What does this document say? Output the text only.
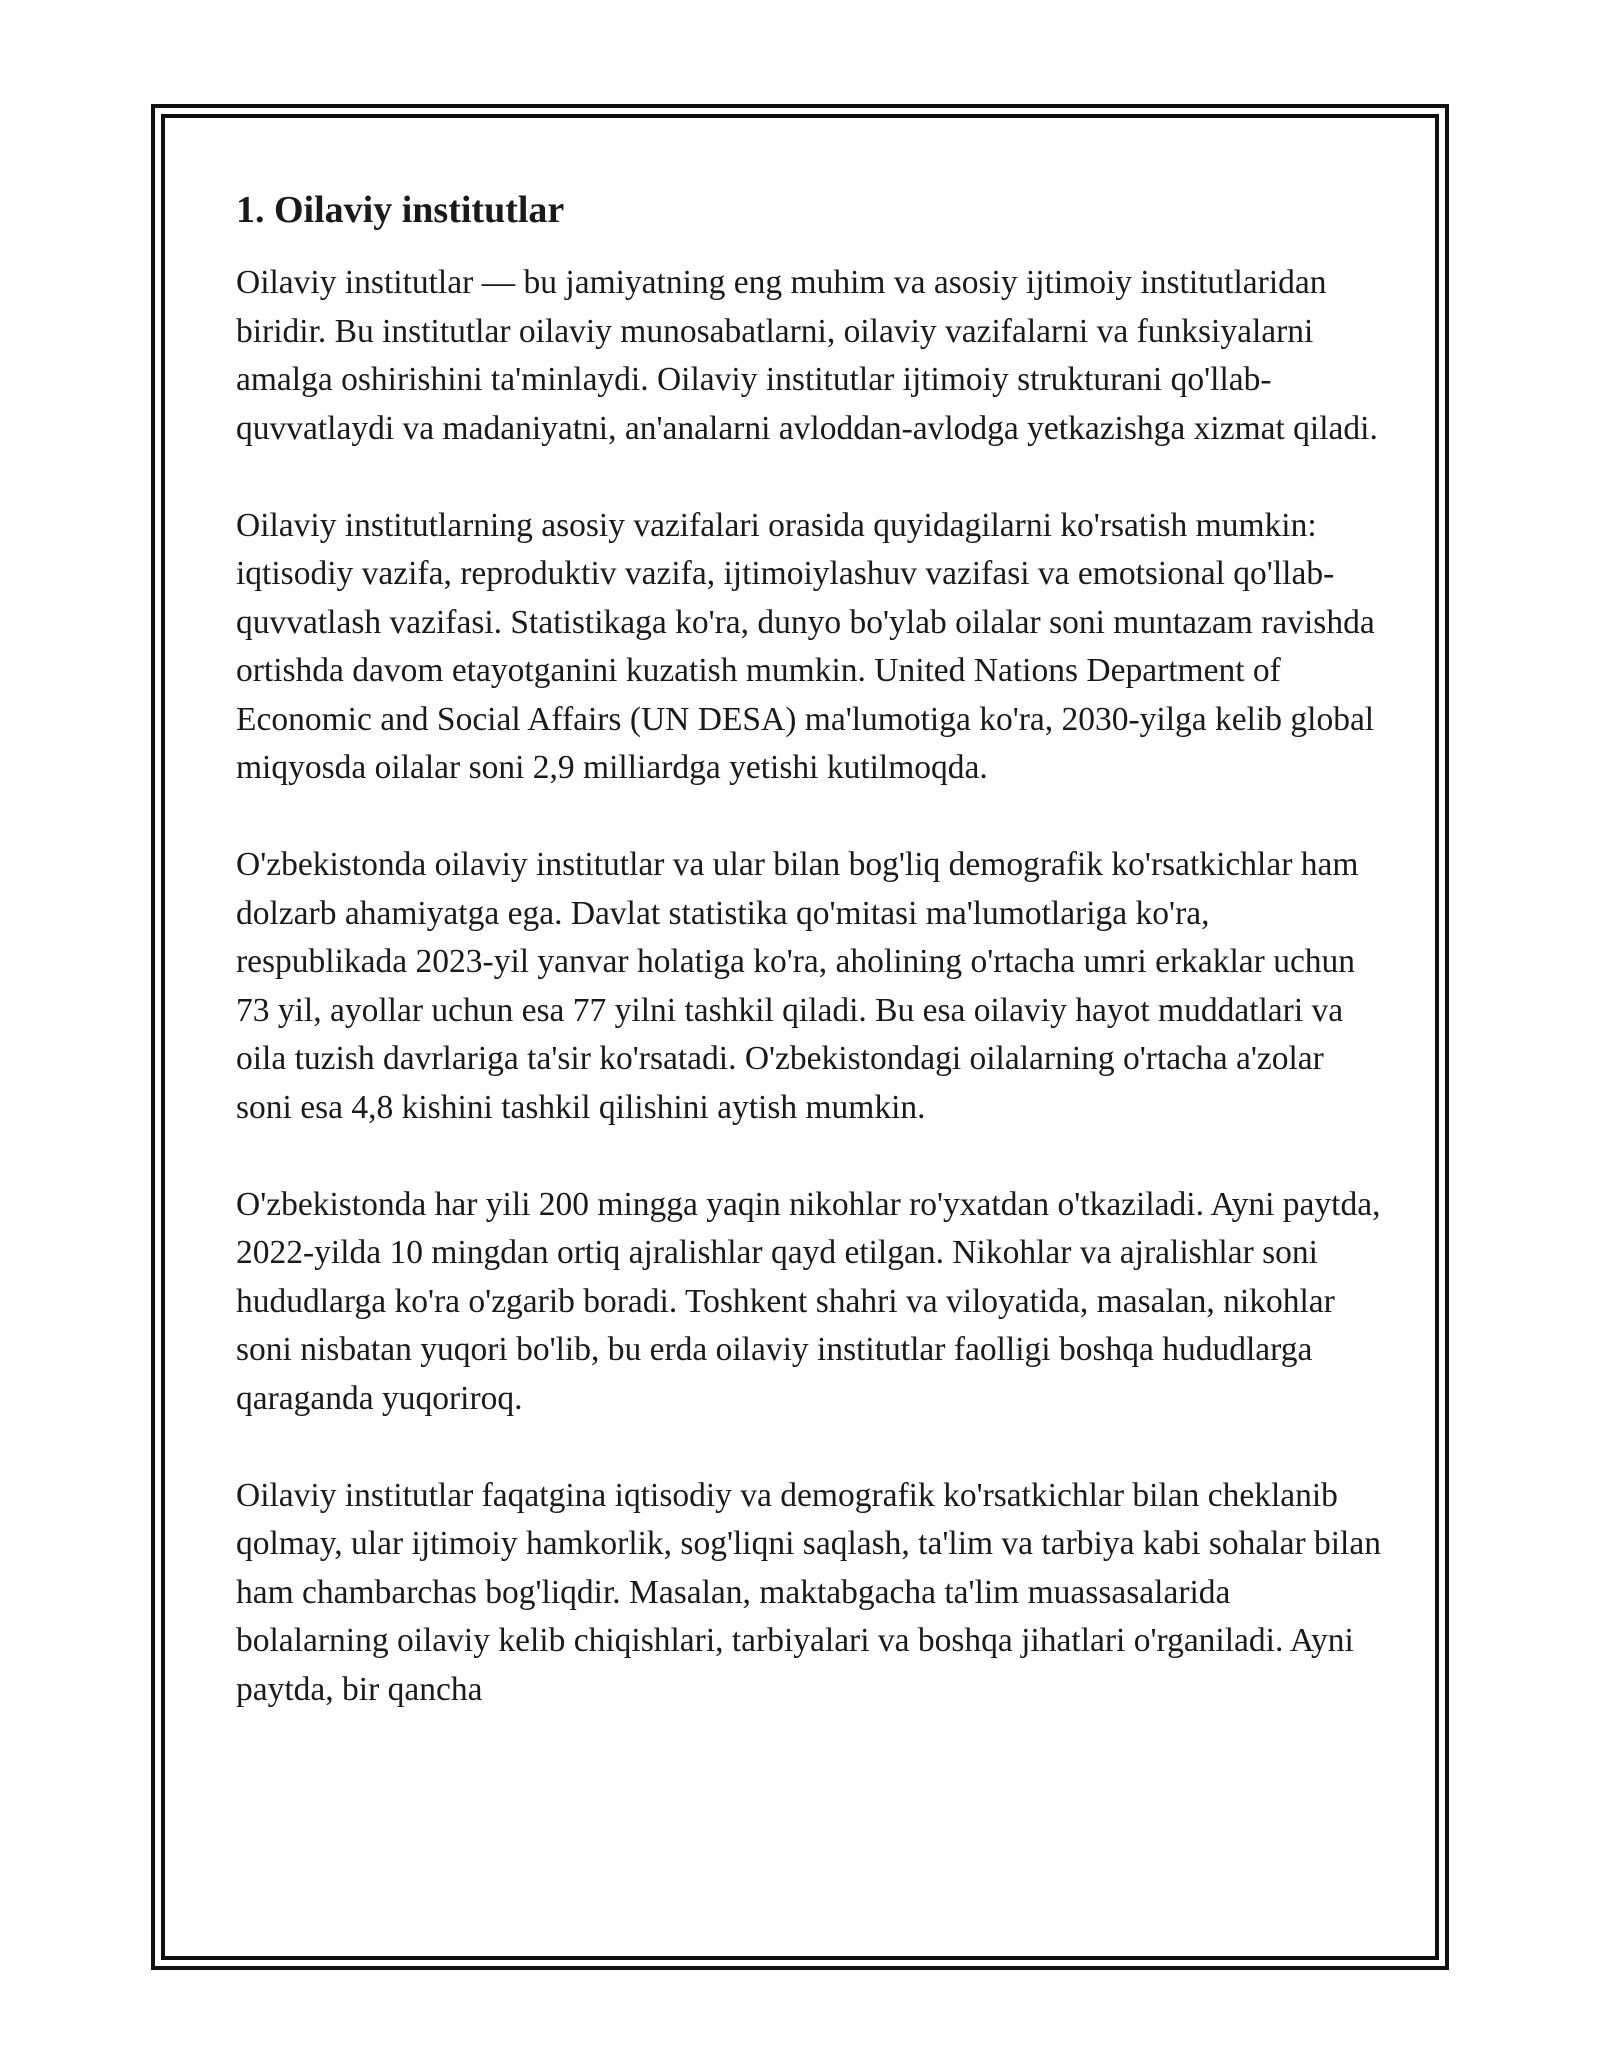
1. Oilaviy institutlar

Oilaviy institutlar — bu jamiyatning eng muhim va asosiy ijtimoiy institutlaridan biridir. Bu institutlar oilaviy munosabatlarni, oilaviy vazifalarni va funksiyalarni amalga oshirishini ta'minlaydi. Oilaviy institutlar ijtimoiy strukturani qo'llab-quvvatlaydi va madaniyatni, an'analarni avloddan-avlodga yetkazishga xizmat qiladi.

Oilaviy institutlarning asosiy vazifalari orasida quyidagilarni ko'rsatish mumkin: iqtisodiy vazifa, reproduktiv vazifa, ijtimoiylashuv vazifasi va emotsional qo'llab-quvvatlash vazifasi. Statistikaga ko'ra, dunyo bo'ylab oilalar soni muntazam ravishda ortishda davom etayotganini kuzatish mumkin. United Nations Department of Economic and Social Affairs (UN DESA) ma'lumotiga ko'ra, 2030-yilga kelib global miqyosda oilalar soni 2,9 milliardga yetishi kutilmoqda.

O'zbekistonda oilaviy institutlar va ular bilan bog'liq demografik ko'rsatkichlar ham dolzarb ahamiyatga ega. Davlat statistika qo'mitasi ma'lumotlariga ko'ra, respublikada 2023-yil yanvar holatiga ko'ra, aholining o'rtacha umri erkaklar uchun 73 yil, ayollar uchun esa 77 yilni tashkil qiladi. Bu esa oilaviy hayot muddatlari va oila tuzish davrlariga ta'sir ko'rsatadi. O'zbekistondagi oilalarning o'rtacha a'zolar soni esa 4,8 kishini tashkil qilishini aytish mumkin.

O'zbekistonda har yili 200 mingga yaqin nikohlar ro'yxatdan o'tkaziladi. Ayni paytda, 2022-yilda 10 mingdan ortiq ajralishlar qayd etilgan. Nikohlar va ajralishlar soni hududlarga ko'ra o'zgarib boradi. Toshkent shahri va viloyatida, masalan, nikohlar soni nisbatan yuqori bo'lib, bu erda oilaviy institutlar faolligi boshqa hududlarga qaraganda yuqoriroq.

Oilaviy institutlar faqatgina iqtisodiy va demografik ko'rsatkichlar bilan cheklanib qolmay, ular ijtimoiy hamkorlik, sog'liqni saqlash, ta'lim va tarbiya kabi sohalar bilan ham chambarchas bog'liqdir. Masalan, maktabgacha ta'lim muassasalarida bolalarning oilaviy kelib chiqishlari, tarbiyalari va boshqa jihatlari o'rganiladi. Ayni paytda, bir qancha
